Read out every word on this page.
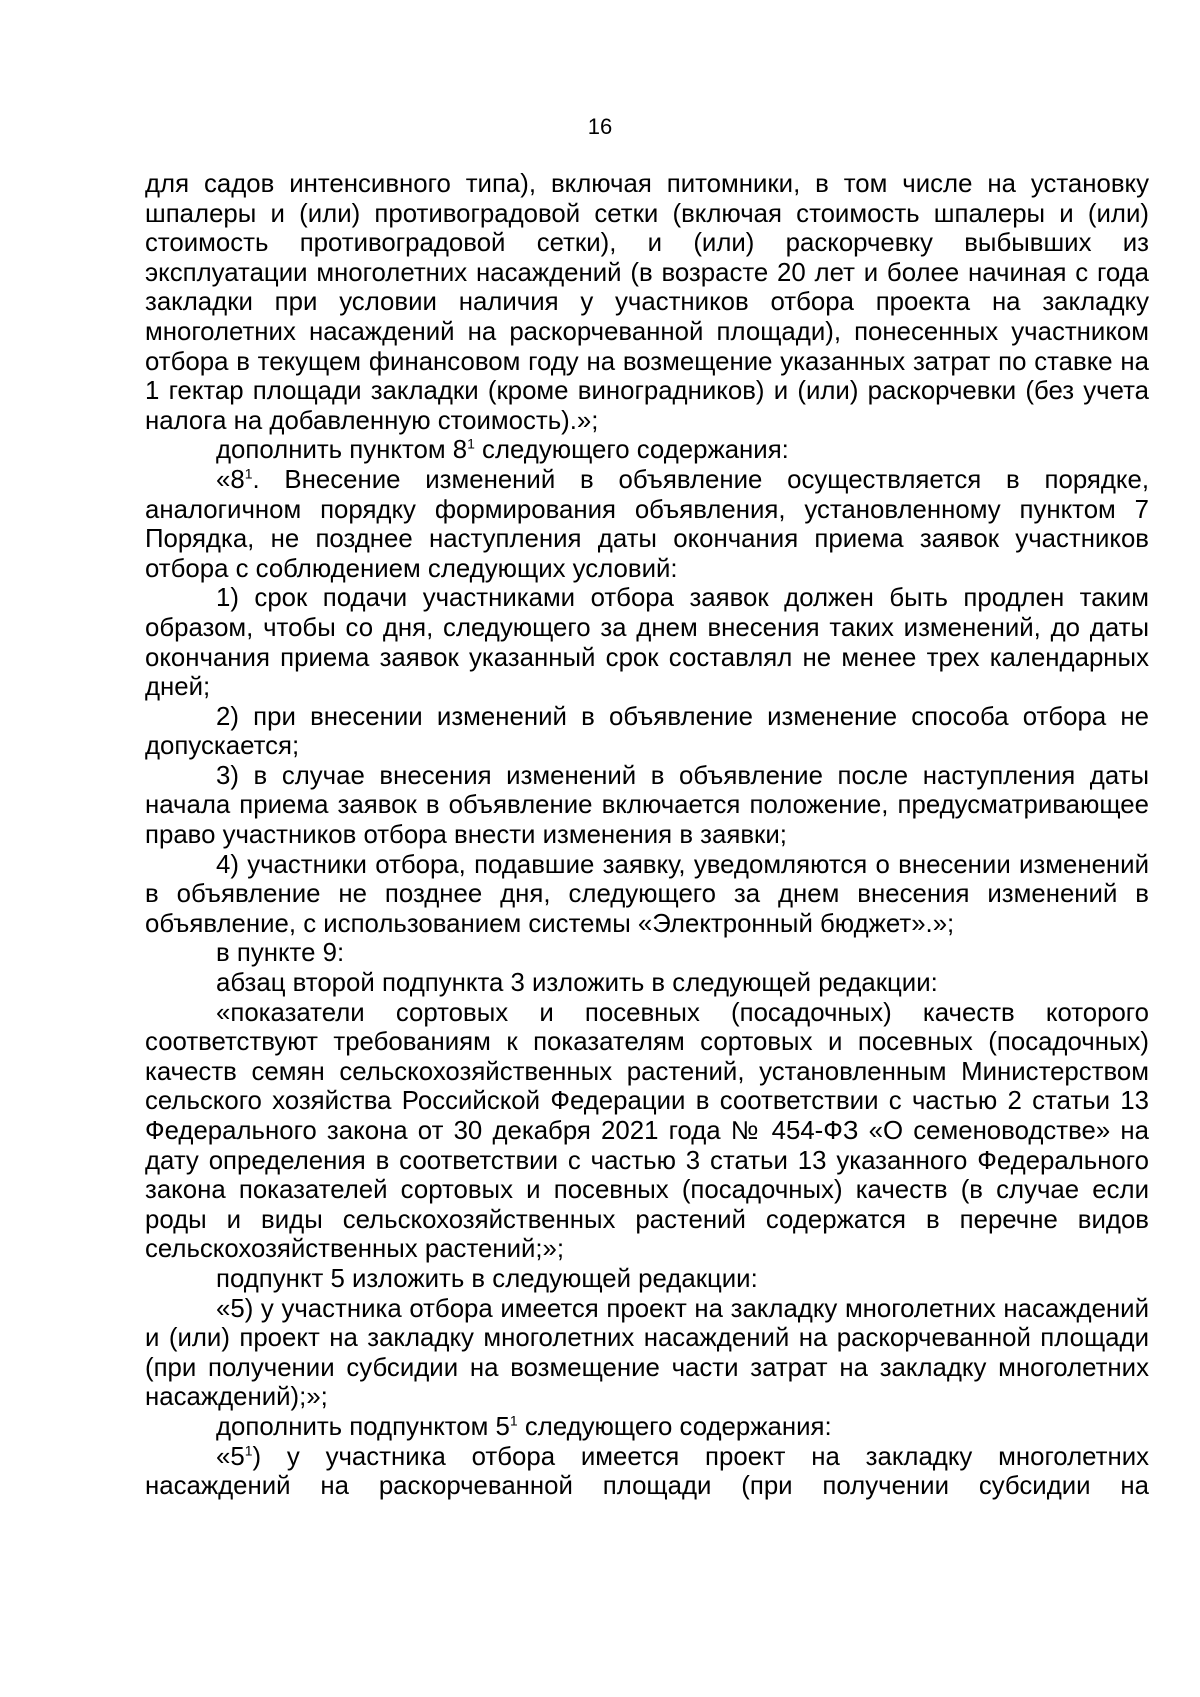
16

для садов интенсивного типа), включая питомники, в том числе на установку шпалеры и (или) противоградовой сетки (включая стоимость шпалеры и (или) стоимость противоградовой сетки), и (или) раскорчевку выбывших из эксплуатации многолетних насаждений (в возрасте 20 лет и более начиная с года закладки при условии наличия у участников отбора проекта на закладку многолетних насаждений на раскорчеванной площади), понесенных участником отбора в текущем финансовом году на возмещение указанных затрат по ставке на 1 гектар площади закладки (кроме виноградников) и (или) раскорчевки (без учета налога на добавленную стоимость).»;

дополнить пунктом $8^1$ следующего содержания:

«$8^1$. Внесение изменений в объявление осуществляется в порядке, аналогичном порядку формирования объявления, установленному пунктом 7 Порядка, не позднее наступления даты окончания приема заявок участников отбора с соблюдением следующих условий:

1) срок подачи участниками отбора заявок должен быть продлен таким образом, чтобы со дня, следующего за днем внесения таких изменений, до даты окончания приема заявок указанный срок составлял не менее трех календарных дней;

2) при внесении изменений в объявление изменение способа отбора не допускается;

3) в случае внесения изменений в объявление после наступления даты начала приема заявок в объявление включается положение, предусматривающее право участников отбора внести изменения в заявки;

4) участники отбора, подавшие заявку, уведомляются о внесении изменений в объявление не позднее дня, следующего за днем внесения изменений в объявление, с использованием системы «Электронный бюджет».»;

в пункте 9:

абзац второй подпункта 3 изложить в следующей редакции:

«показатели сортовых и посевных (посадочных) качеств которого соответствуют требованиям к показателям сортовых и посевных (посадочных) качеств семян сельскохозяйственных растений, установленным Министерством сельского хозяйства Российской Федерации в соответствии с частью 2 статьи 13 Федерального закона от 30 декабря 2021 года № 454-ФЗ «О семеноводстве» на дату определения в соответствии с частью 3 статьи 13 указанного Федерального закона показателей сортовых и посевных (посадочных) качеств (в случае если роды и виды сельскохозяйственных растений содержатся в перечне видов сельскохозяйственных растений;»;

подпункт 5 изложить в следующей редакции:

«5) у участника отбора имеется проект на закладку многолетних насаждений и (или) проект на закладку многолетних насаждений на раскорчеванной площади (при получении субсидии на возмещение части затрат на закладку многолетних насаждений);»;

дополнить подпунктом $5^1$ следующего содержания:

«$5^1$) у участника отбора имеется проект на закладку многолетних насаждений на раскорчеванной площади (при получении субсидии на
